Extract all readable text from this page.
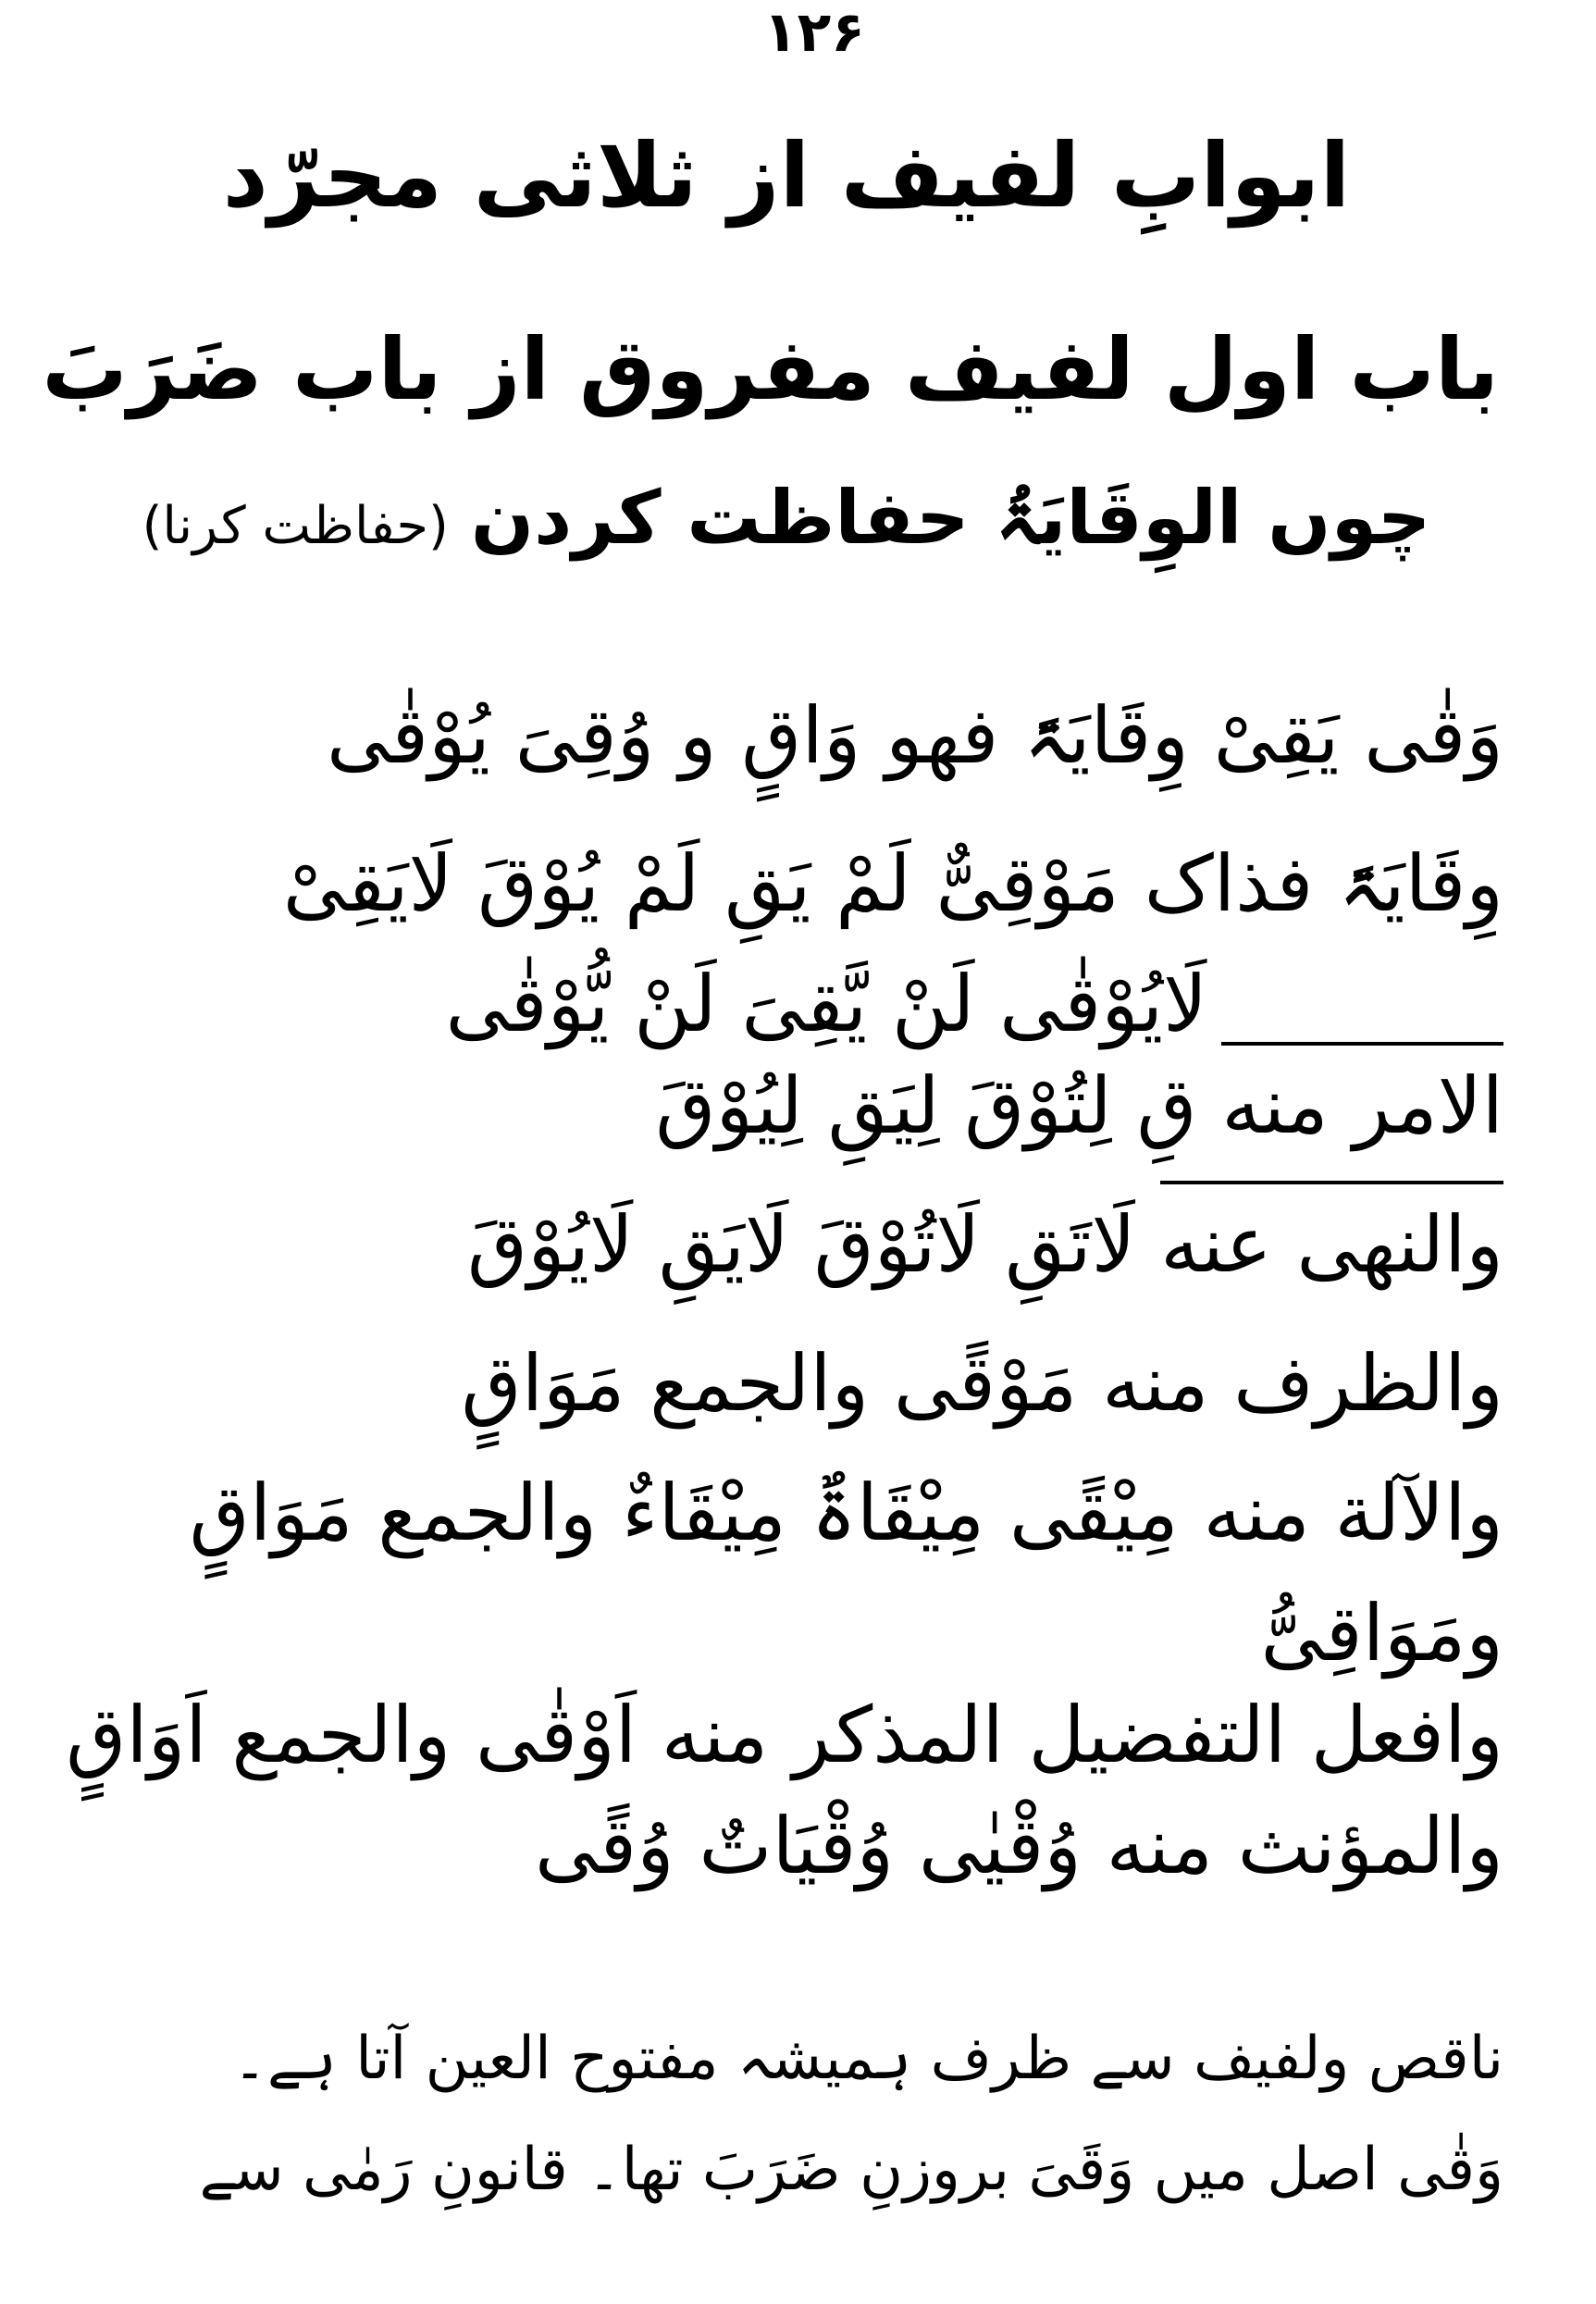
۱۲۶
ابوابِ لفیف از ثلاثی مجرّد
باب اول لفیف مفروق از باب ضَرَبَ
چوں الوِقَایَۃُ حفاظت کردن(حفاظت کرنا)
وَقٰی یَقِیْ وِقَایَۃً فھو وَاقٍ و وُقِیَ یُوْقٰی
وِقَایَۃً فذاک مَوْقِیٌّ لَمْ یَقِ لَمْ یُوْقَ لَایَقِیْ
لَایُوْقٰی لَنْ یَّقِیَ لَنْ یُّوْقٰی
الامر منه قِ لِتُوْقَ لِیَقِ لِیُوْقَ
والنهی عنه لَاتَقِ لَاتُوْقَ لَایَقِ لَایُوْقَ
والظرف منه مَوْقًی والجمع مَوَاقٍ
والآلة منه مِیْقًی مِیْقَاۃٌ مِیْقَاءٌ والجمع مَوَاقٍ
ومَوَاقِیُّ
وافعل التفضیل المذکر منه اَوْقٰی والجمع اَوَاقٍ
والمؤنث منه وُقْیٰی وُقْیَاتٌ وُقًی
ناقص ولفیف سے ظرف ہمیشہ مفتوح العین آتا ہے۔
وَقٰی اصل میں وَقَیَ بروزنِ ضَرَبَ تھا۔ قانونِ رَمٰی سے
